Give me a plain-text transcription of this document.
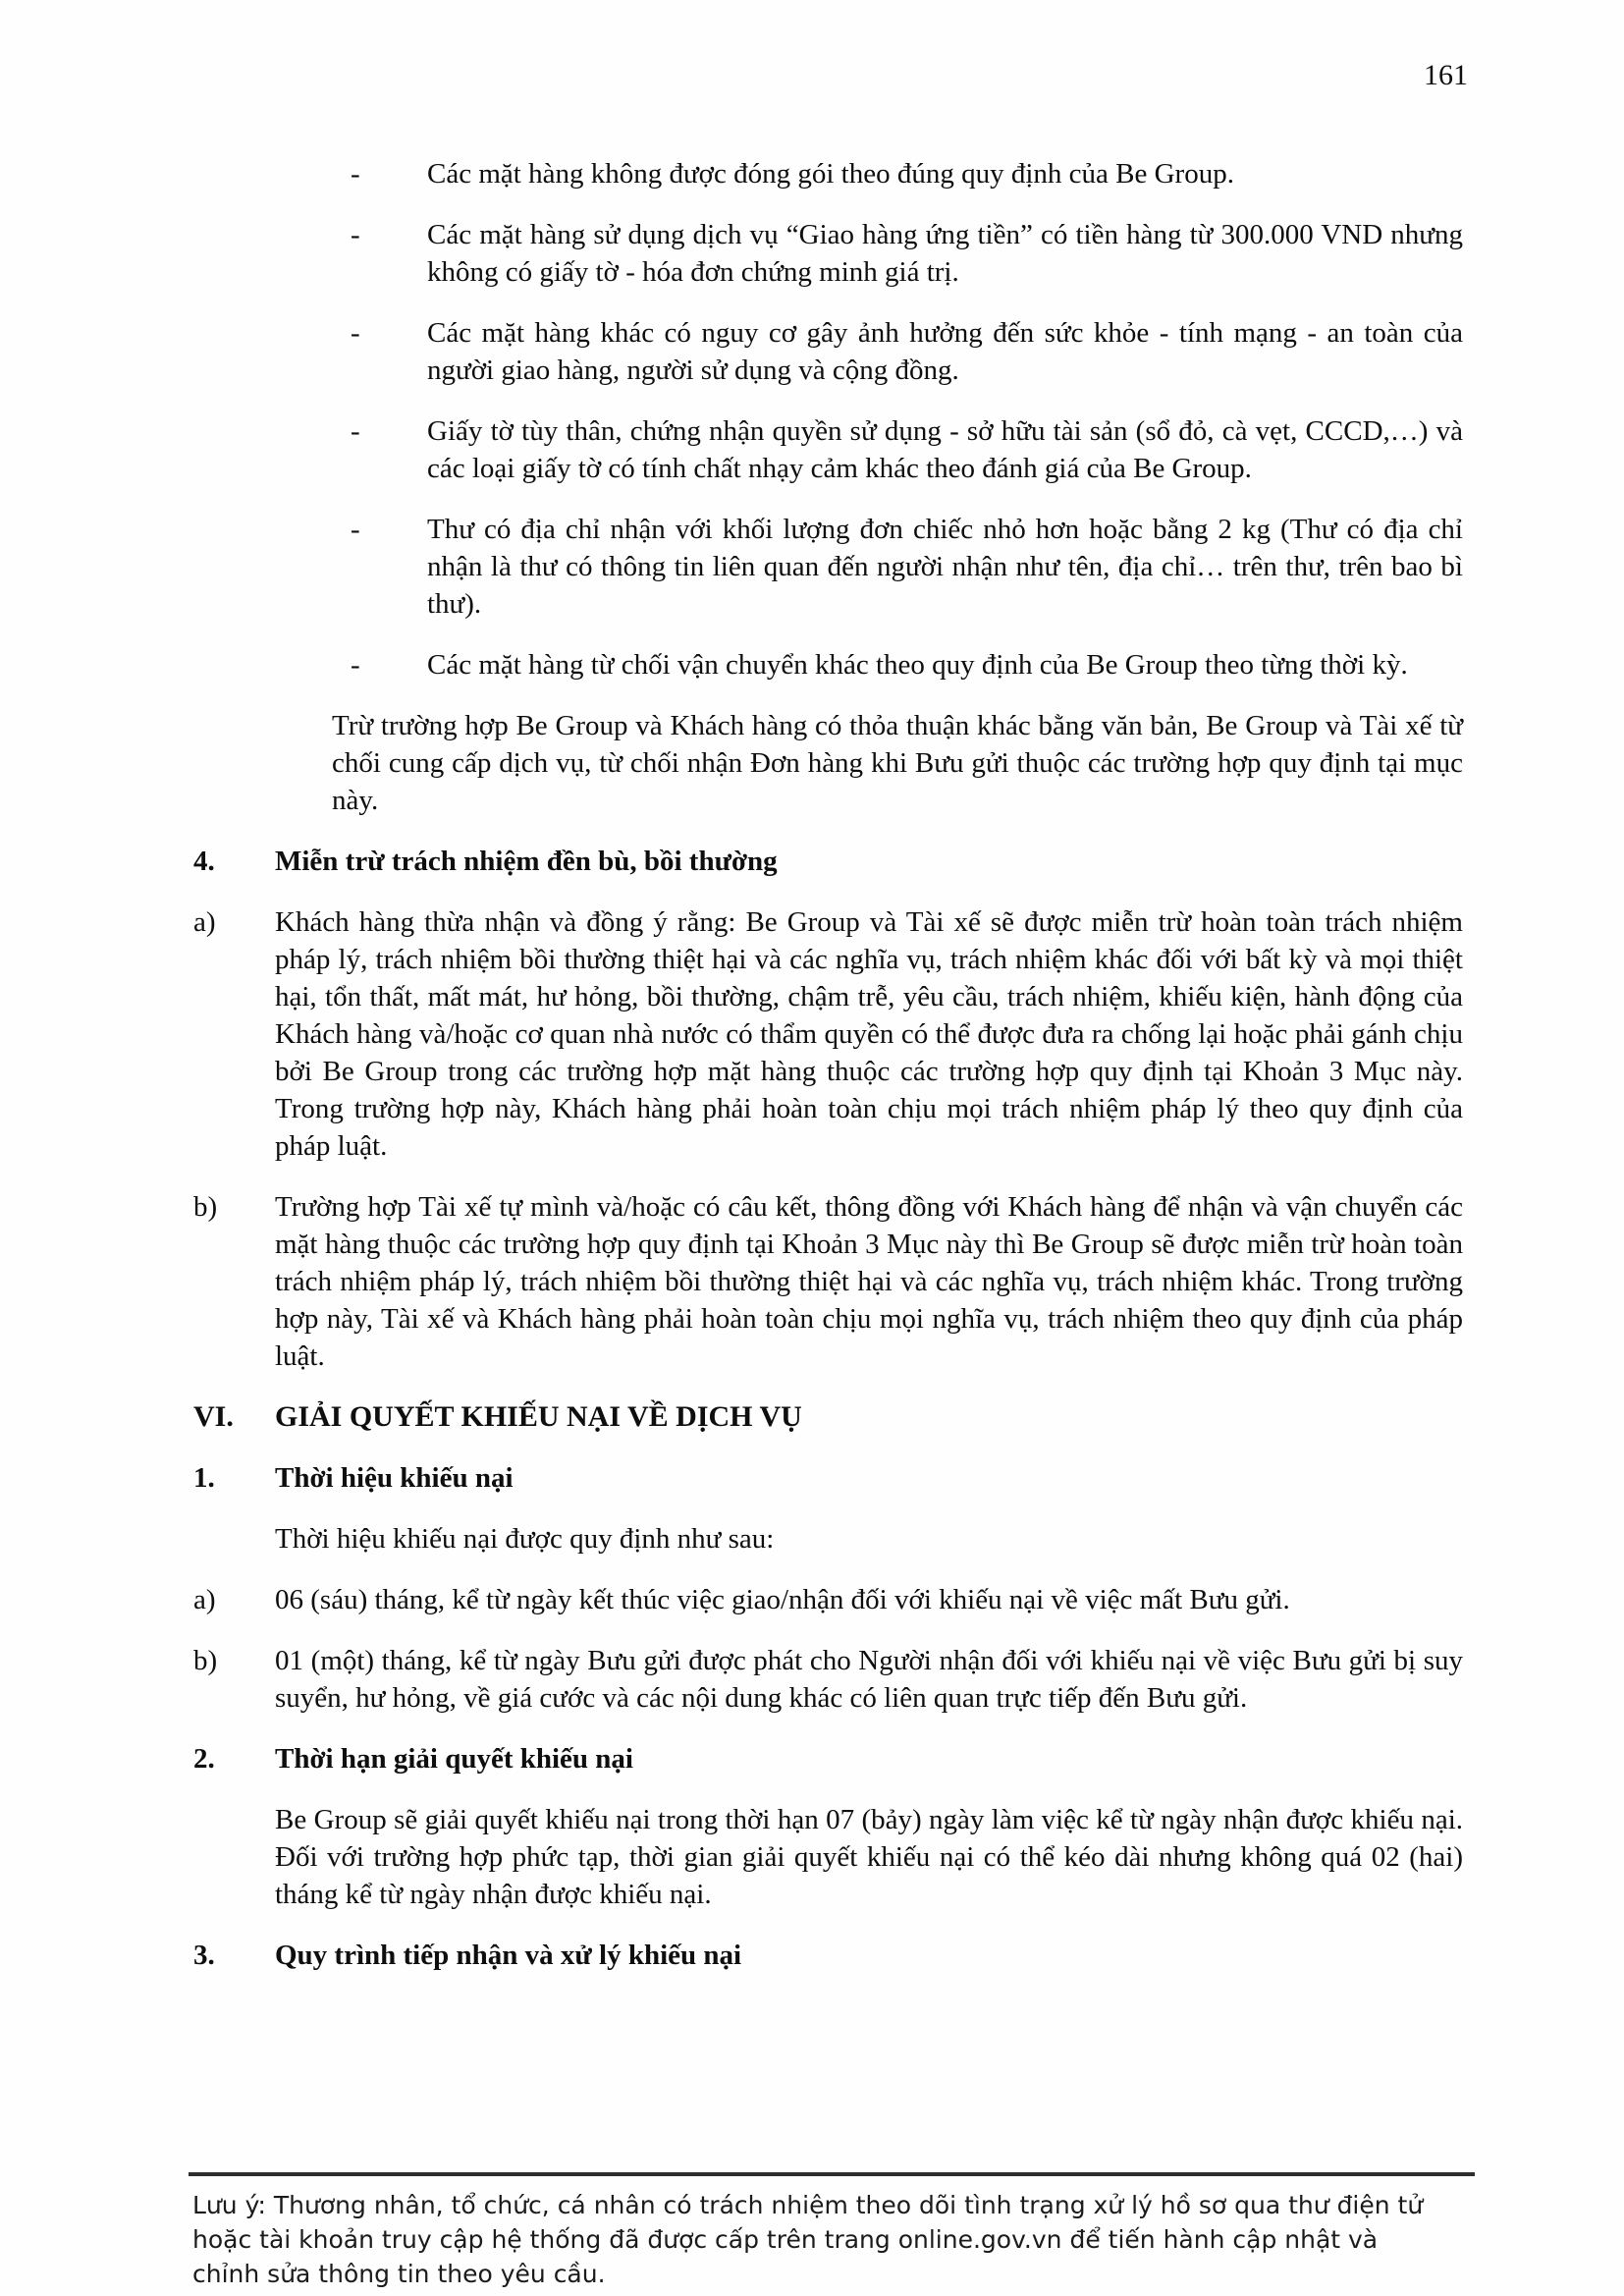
161
-	Các mặt hàng không được đóng gói theo đúng quy định của Be Group.
-	Các mặt hàng sử dụng dịch vụ “Giao hàng ứng tiền” có tiền hàng từ 300.000 VND nhưng không có giấy tờ - hóa đơn chứng minh giá trị.
-	Các mặt hàng khác có nguy cơ gây ảnh hưởng đến sức khỏe - tính mạng - an toàn của người giao hàng, người sử dụng và cộng đồng.
-	Giấy tờ tùy thân, chứng nhận quyền sử dụng - sở hữu tài sản (sổ đỏ, cà vẹt, CCCD,…) và các loại giấy tờ có tính chất nhạy cảm khác theo đánh giá của Be Group.
-	Thư có địa chỉ nhận với khối lượng đơn chiếc nhỏ hơn hoặc bằng 2 kg (Thư có địa chỉ nhận là thư có thông tin liên quan đến người nhận như tên, địa chỉ… trên thư, trên bao bì thư).
-	Các mặt hàng từ chối vận chuyển khác theo quy định của Be Group theo từng thời kỳ.
Trừ trường hợp Be Group và Khách hàng có thỏa thuận khác bằng văn bản, Be Group và Tài xế từ chối cung cấp dịch vụ, từ chối nhận Đơn hàng khi Bưu gửi thuộc các trường hợp quy định tại mục này.
4.	Miễn trừ trách nhiệm đền bù, bồi thường
a)	Khách hàng thừa nhận và đồng ý rằng: Be Group và Tài xế sẽ được miễn trừ hoàn toàn trách nhiệm pháp lý, trách nhiệm bồi thường thiệt hại và các nghĩa vụ, trách nhiệm khác đối với bất kỳ và mọi thiệt hại, tổn thất, mất mát, hư hỏng, bồi thường, chậm trễ, yêu cầu, trách nhiệm, khiếu kiện, hành động của Khách hàng và/hoặc cơ quan nhà nước có thẩm quyền có thể được đưa ra chống lại hoặc phải gánh chịu bởi Be Group trong các trường hợp mặt hàng thuộc các trường hợp quy định tại Khoản 3 Mục này. Trong trường hợp này, Khách hàng phải hoàn toàn chịu mọi trách nhiệm pháp lý theo quy định của pháp luật.
b)	Trường hợp Tài xế tự mình và/hoặc có câu kết, thông đồng với Khách hàng để nhận và vận chuyển các mặt hàng thuộc các trường hợp quy định tại Khoản 3 Mục này thì Be Group sẽ được miễn trừ hoàn toàn trách nhiệm pháp lý, trách nhiệm bồi thường thiệt hại và các nghĩa vụ, trách nhiệm khác. Trong trường hợp này, Tài xế và Khách hàng phải hoàn toàn chịu mọi nghĩa vụ, trách nhiệm theo quy định của pháp luật.
VI.	GIẢI QUYẾT KHIẾU NẠI VỀ DỊCH VỤ
1.	Thời hiệu khiếu nại
Thời hiệu khiếu nại được quy định như sau:
a)	06 (sáu) tháng, kể từ ngày kết thúc việc giao/nhận đối với khiếu nại về việc mất Bưu gửi.
b)	01 (một) tháng, kể từ ngày Bưu gửi được phát cho Người nhận đối với khiếu nại về việc Bưu gửi bị suy suyển, hư hỏng, về giá cước và các nội dung khác có liên quan trực tiếp đến Bưu gửi.
2.	Thời hạn giải quyết khiếu nại
Be Group sẽ giải quyết khiếu nại trong thời hạn 07 (bảy) ngày làm việc kể từ ngày nhận được khiếu nại. Đối với trường hợp phức tạp, thời gian giải quyết khiếu nại có thể kéo dài nhưng không quá 02 (hai) tháng kể từ ngày nhận được khiếu nại.
3.	Quy trình tiếp nhận và xử lý khiếu nại
Lưu ý: Thương nhân, tổ chức, cá nhân có trách nhiệm theo dõi tình trạng xử lý hồ sơ qua thư điện tử hoặc tài khoản truy cập hệ thống đã được cấp trên trang online.gov.vn để tiến hành cập nhật và chỉnh sửa thông tin theo yêu cầu.
